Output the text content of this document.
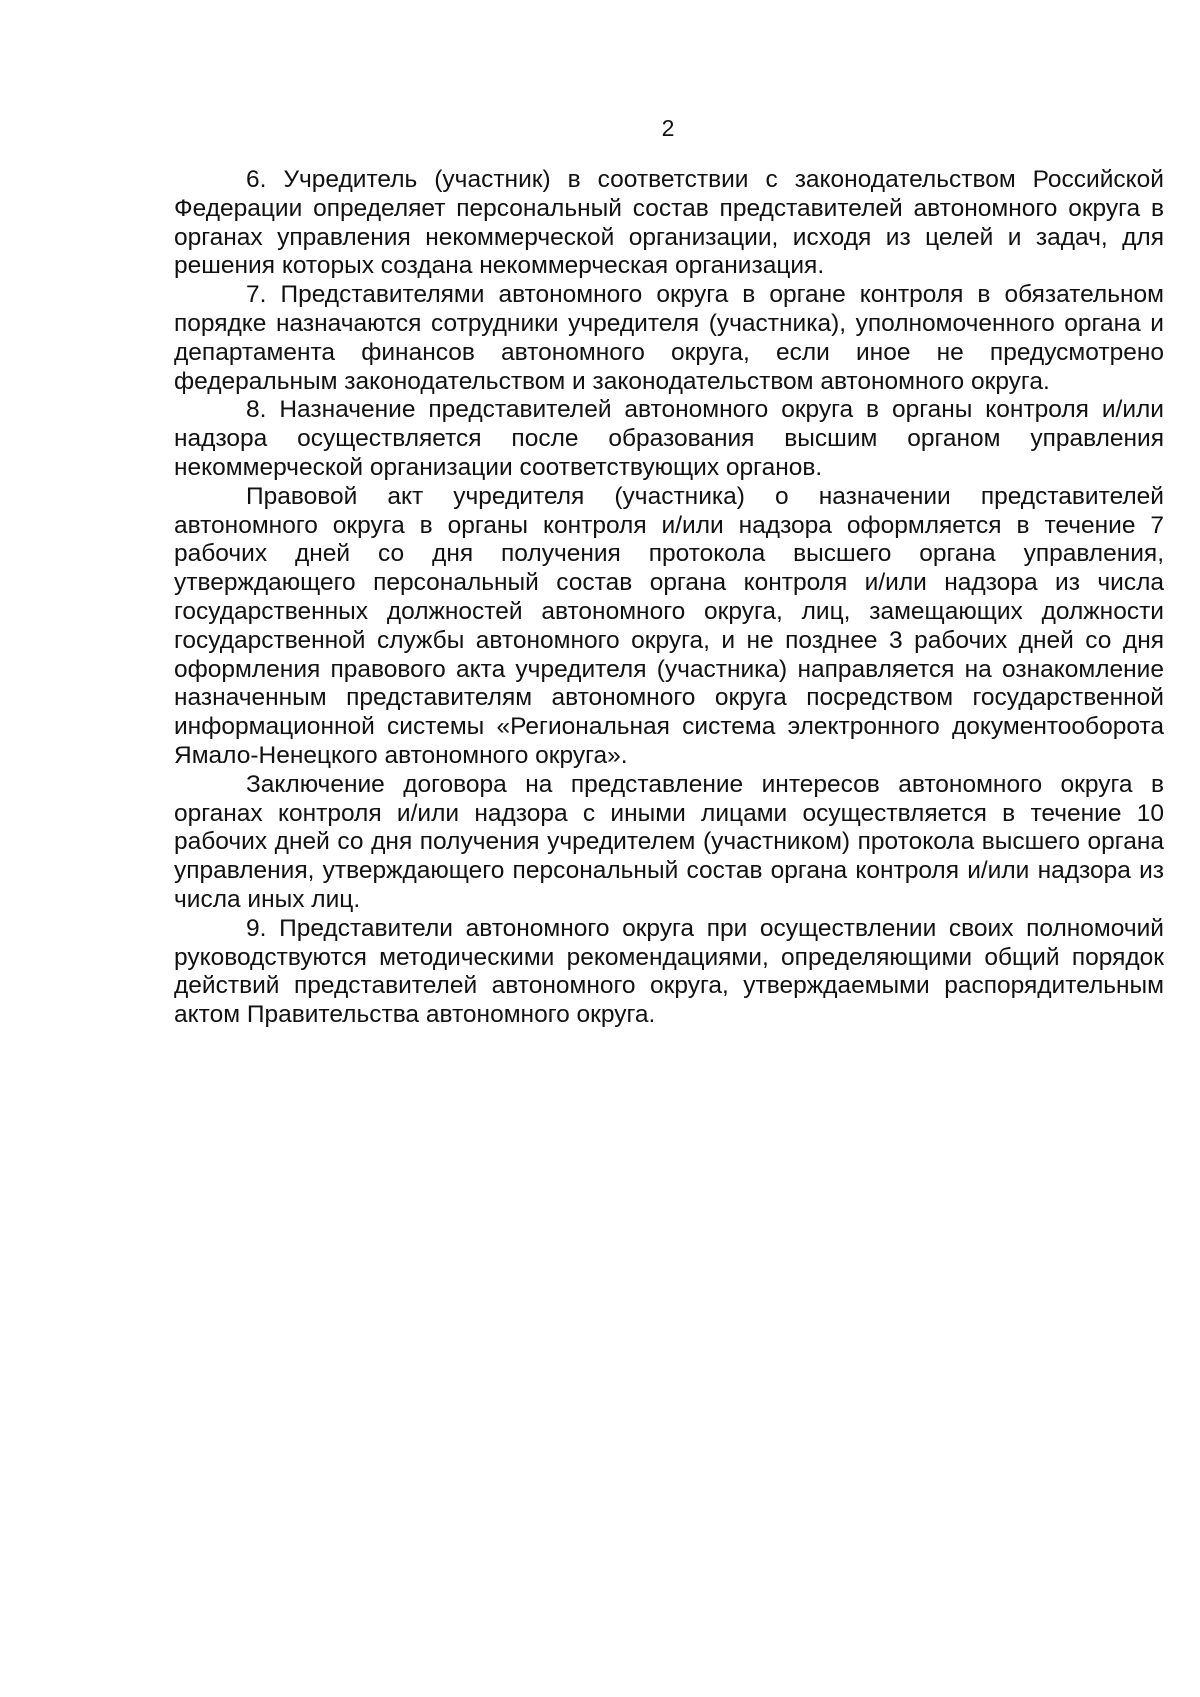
2

6. Учредитель (участник) в соответствии с законодательством Российской Федерации определяет персональный состав представителей автономного округа в органах управления некоммерческой организации, исходя из целей и задач, для решения которых создана некоммерческая организация.

7. Представителями автономного округа в органе контроля в обязательном порядке назначаются сотрудники учредителя (участника), уполномоченного органа и департамента финансов автономного округа, если иное не предусмотрено федеральным законодательством и законодательством автономного округа.

8. Назначение представителей автономного округа в органы контроля и/или надзора осуществляется после образования высшим органом управления некоммерческой организации соответствующих органов.

Правовой акт учредителя (участника) о назначении представителей автономного округа в органы контроля и/или надзора оформляется в течение 7 рабочих дней со дня получения протокола высшего органа управления, утверждающего персональный состав органа контроля и/или надзора из числа государственных должностей автономного округа, лиц, замещающих должности государственной службы автономного округа, и не позднее 3 рабочих дней со дня оформления правового акта учредителя (участника) направляется на ознакомление назначенным представителям автономного округа посредством государственной информационной системы «Региональная система электронного документооборота Ямало-Ненецкого автономного округа».

Заключение договора на представление интересов автономного округа в органах контроля и/или надзора с иными лицами осуществляется в течение 10 рабочих дней со дня получения учредителем (участником) протокола высшего органа управления, утверждающего персональный состав органа контроля и/или надзора из числа иных лиц.

9. Представители автономного округа при осуществлении своих полномочий руководствуются методическими рекомендациями, определяющими общий порядок действий представителей автономного округа, утверждаемыми распорядительным актом Правительства автономного округа.
